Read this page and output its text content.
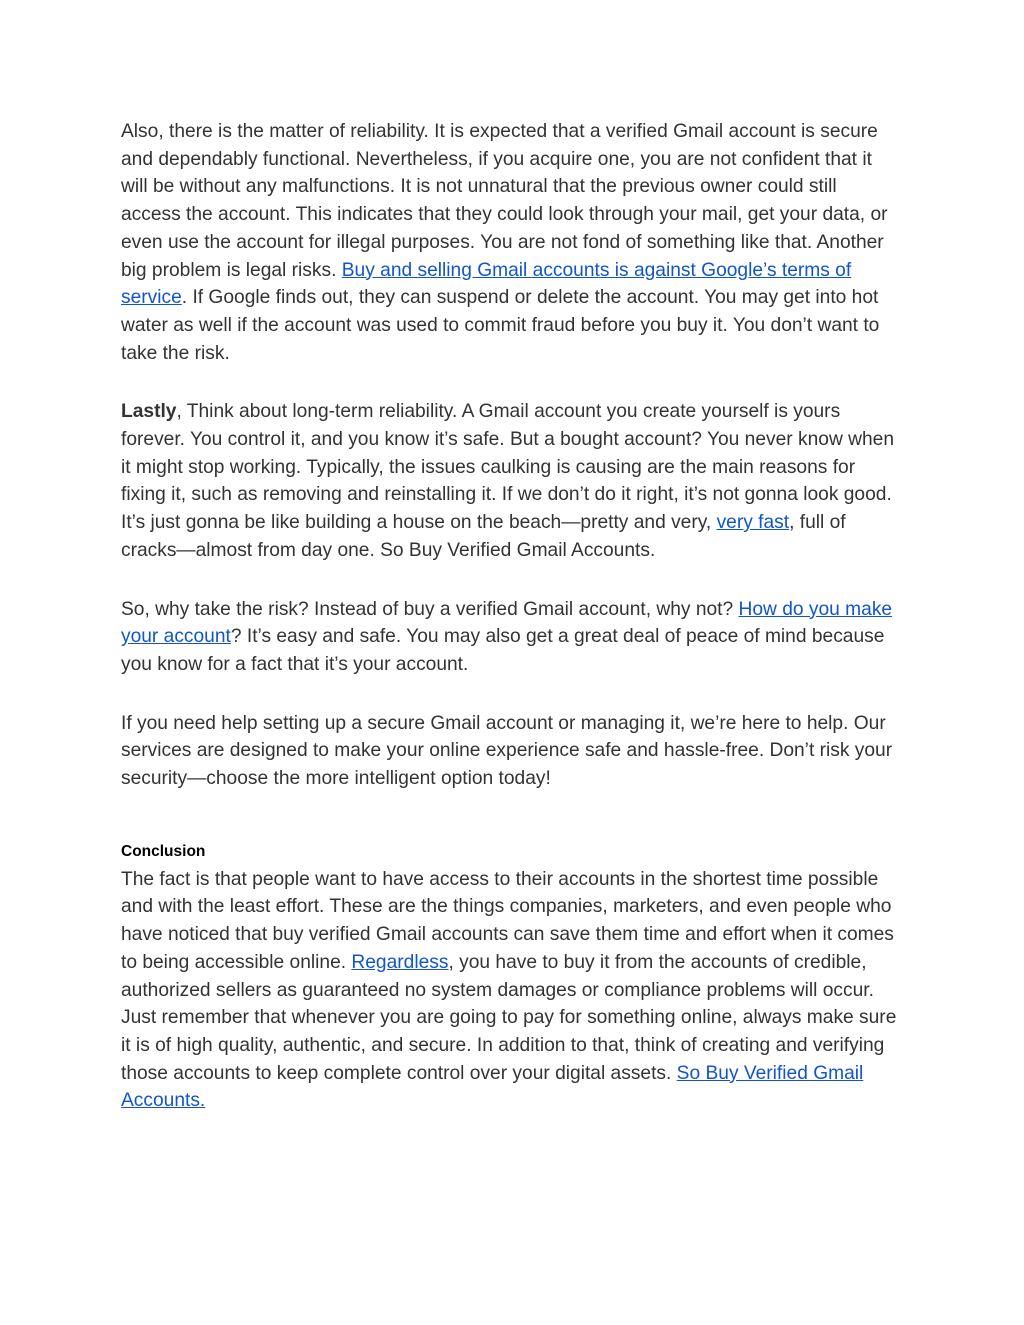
Also, there is the matter of reliability. It is expected that a verified Gmail account is secure and dependably functional. Nevertheless, if you acquire one, you are not confident that it will be without any malfunctions. It is not unnatural that the previous owner could still access the account. This indicates that they could look through your mail, get your data, or even use the account for illegal purposes. You are not fond of something like that. Another big problem is legal risks. Buy and selling Gmail accounts is against Google’s terms of service. If Google finds out, they can suspend or delete the account. You may get into hot water as well if the account was used to commit fraud before you buy it. You don’t want to take the risk.

Lastly, Think about long-term reliability. A Gmail account you create yourself is yours forever. You control it, and you know it’s safe. But a bought account? You never know when it might stop working. Typically, the issues caulking is causing are the main reasons for fixing it, such as removing and reinstalling it. If we don’t do it right, it’s not gonna look good. It’s just gonna be like building a house on the beach—pretty and very, very fast, full of cracks—almost from day one. So Buy Verified Gmail Accounts.

So, why take the risk? Instead of buy a verified Gmail account, why not? How do you make your account? It’s easy and safe. You may also get a great deal of peace of mind because you know for a fact that it’s your account.

If you need help setting up a secure Gmail account or managing it, we’re here to help. Our services are designed to make your online experience safe and hassle-free. Don’t risk your security—choose the more intelligent option today!

Conclusion

The fact is that people want to have access to their accounts in the shortest time possible and with the least effort. These are the things companies, marketers, and even people who have noticed that buy verified Gmail accounts can save them time and effort when it comes to being accessible online. Regardless, you have to buy it from the accounts of credible, authorized sellers as guaranteed no system damages or compliance problems will occur. Just remember that whenever you are going to pay for something online, always make sure it is of high quality, authentic, and secure. In addition to that, think of creating and verifying those accounts to keep complete control over your digital assets. So Buy Verified Gmail Accounts.
